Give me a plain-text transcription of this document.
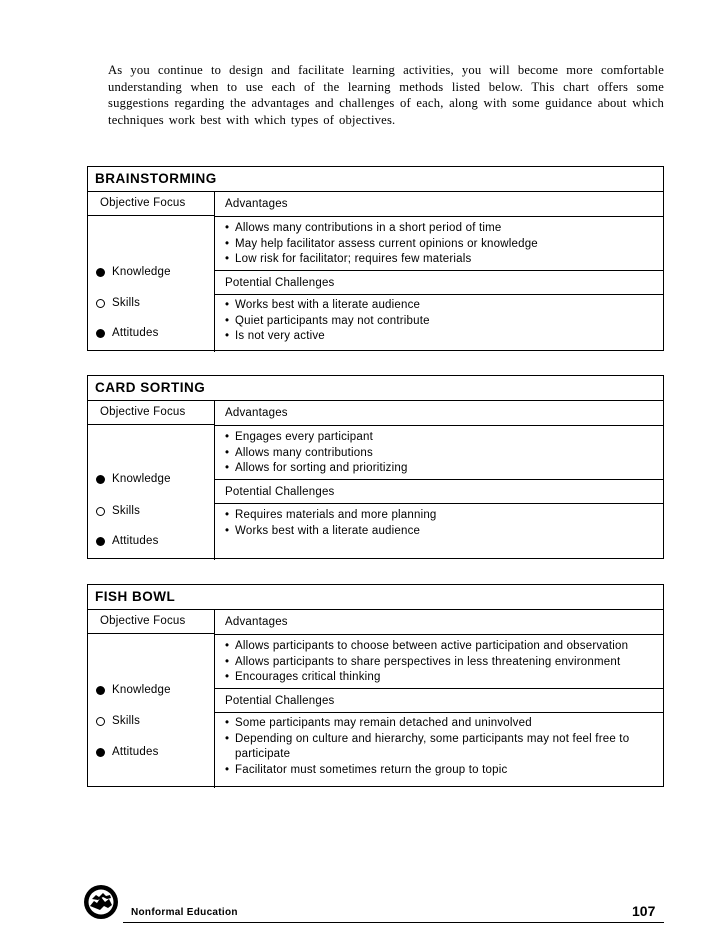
As you continue to design and facilitate learning activities, you will become more comfortable understanding when to use each of the learning methods listed below. This chart offers some suggestions regarding the advantages and challenges of each, along with some guidance about which techniques work best with which types of objectives.
BRAINSTORMING
Objective Focus
Knowledge
Skills
Attitudes
Advantages
• Allows many contributions in a short period of time
• May help facilitator assess current opinions or knowledge
• Low risk for facilitator; requires few materials
Potential Challenges
• Works best with a literate audience
• Quiet participants may not contribute
• Is not very active
CARD SORTING
Objective Focus
Knowledge
Skills
Attitudes
Advantages
• Engages every participant
• Allows many contributions
• Allows for sorting and prioritizing
Potential Challenges
• Requires materials and more planning
• Works best with a literate audience
FISH BOWL
Objective Focus
Knowledge
Skills
Attitudes
Advantages
• Allows participants to choose between active participation and observation
• Allows participants to share perspectives in less threatening environment
• Encourages critical thinking
Potential Challenges
• Some participants may remain detached and uninvolved
• Depending on culture and hierarchy, some participants may not feel free to participate
• Facilitator must sometimes return the group to topic
Nonformal Education	107
